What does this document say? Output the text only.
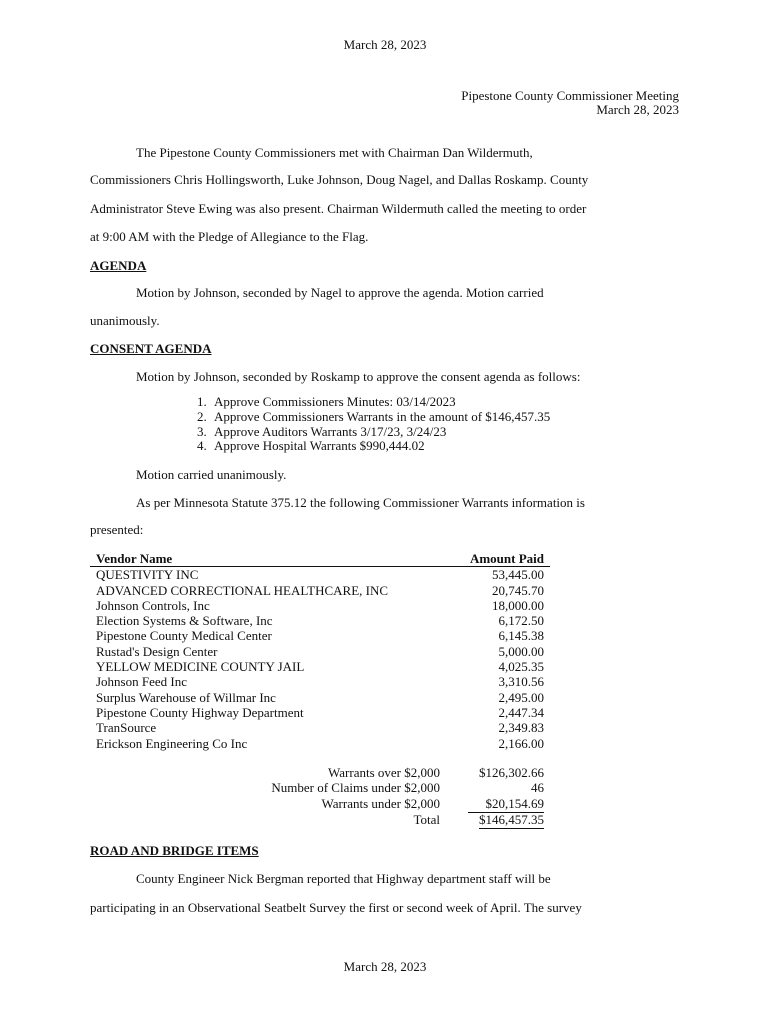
March 28, 2023
Pipestone County Commissioner Meeting
March 28, 2023
The Pipestone County Commissioners met with Chairman Dan Wildermuth,
Commissioners Chris Hollingsworth, Luke Johnson, Doug Nagel, and Dallas Roskamp. County
Administrator Steve Ewing was also present. Chairman Wildermuth called the meeting to order
at 9:00 AM with the Pledge of Allegiance to the Flag.
AGENDA
Motion by Johnson, seconded by Nagel to approve the agenda. Motion carried
unanimously.
CONSENT AGENDA
Motion by Johnson, seconded by Roskamp to approve the consent agenda as follows:
1. Approve Commissioners Minutes: 03/14/2023
2. Approve Commissioners Warrants in the amount of $146,457.35
3. Approve Auditors Warrants 3/17/23, 3/24/23
4. Approve Hospital Warrants $990,444.02
Motion carried unanimously.
As per Minnesota Statute 375.12 the following Commissioner Warrants information is
presented:
Vendor Name	Amount Paid
QUESTIVITY INC	53,445.00
ADVANCED CORRECTIONAL HEALTHCARE, INC	20,745.70
Johnson Controls, Inc	18,000.00
Election Systems & Software, Inc	6,172.50
Pipestone County Medical Center	6,145.38
Rustad's Design Center	5,000.00
YELLOW MEDICINE COUNTY JAIL	4,025.35
Johnson Feed Inc	3,310.56
Surplus Warehouse of Willmar Inc	2,495.00
Pipestone County Highway Department	2,447.34
TranSource	2,349.83
Erickson Engineering Co Inc	2,166.00
Warrants over $2,000	$126,302.66
Number of Claims under $2,000	46
Warrants under $2,000	$20,154.69
Total	$146,457.35
ROAD AND BRIDGE ITEMS
County Engineer Nick Bergman reported that Highway department staff will be
participating in an Observational Seatbelt Survey the first or second week of April. The survey
March 28, 2023
